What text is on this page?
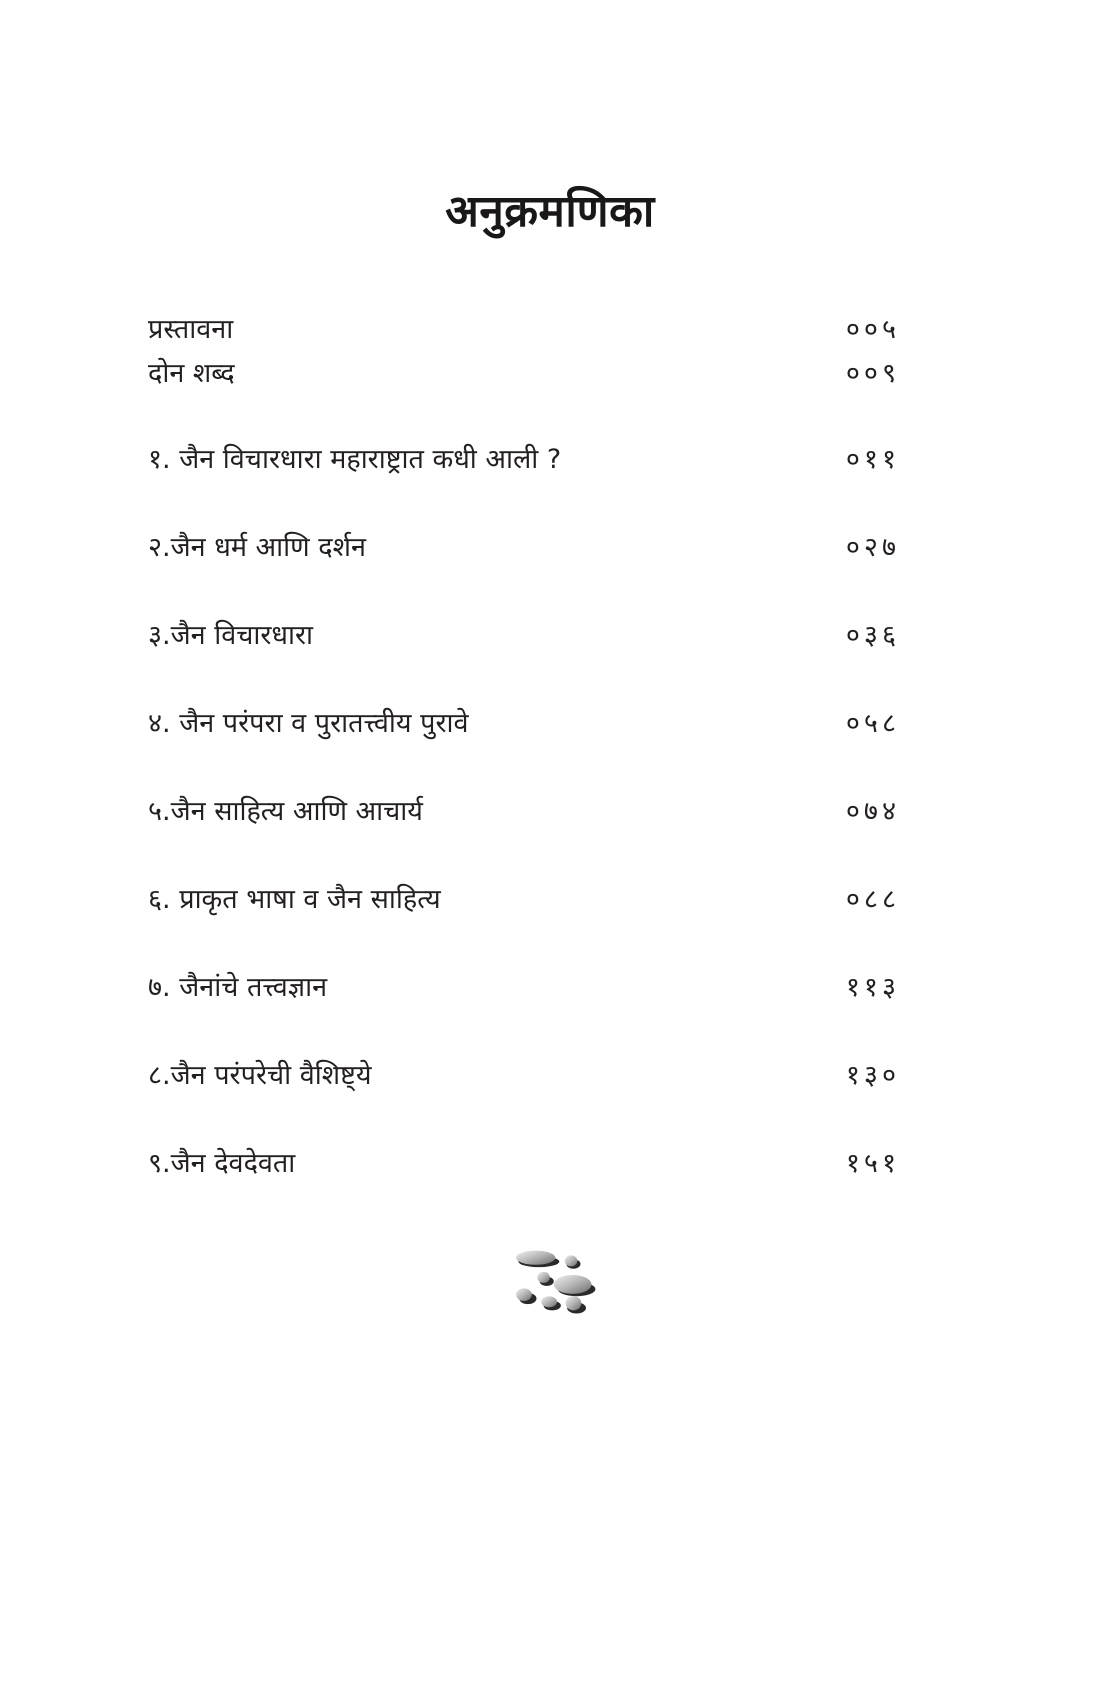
अनुक्रमणिका
प्रस्तावना	००५
दोन शब्द	००९
१. जैन विचारधारा महाराष्ट्रात कधी आली ?	०११
२.जैन धर्म आणि दर्शन	०२७
३.जैन विचारधारा	०३६
४. जैन परंपरा व पुरातत्त्वीय पुरावे	०५८
५.जैन साहित्य आणि आचार्य	०७४
६. प्राकृत भाषा व जैन साहित्य	०८८
७. जैनांचे तत्त्वज्ञान	११३
८.जैन परंपरेची वैशिष्ट्ये	१३०
९.जैन देवदेवता	१५१
